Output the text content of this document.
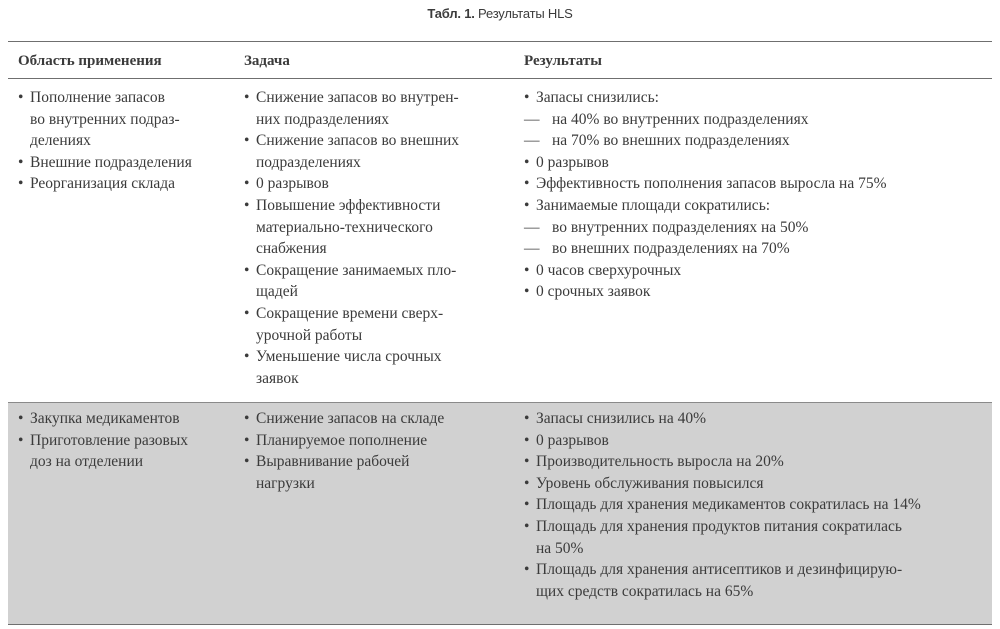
Табл. 1. Результаты HLS
Область применения	Задача	Результаты
• Пополнение запасов
во внутренних подраз-
делениях
• Внешние подразделения
• Реорганизация склада
• Снижение запасов во внутрен-
них подразделениях
• Снижение запасов во внешних
подразделениях
• 0 разрывов
• Повышение эффективности
материально-технического
снабжения
• Сокращение занимаемых пло-
щадей
• Сокращение времени сверх-
урочной работы
• Уменьшение числа срочных
заявок
• Запасы снизились:
— на 40% во внутренних подразделениях
— на 70% во внешних подразделениях
• 0 разрывов
• Эффективность пополнения запасов выросла на 75%
• Занимаемые площади сократились:
— во внутренних подразделениях на 50%
— во внешних подразделениях на 70%
• 0 часов сверхурочных
• 0 срочных заявок
• Закупка медикаментов
• Приготовление разовых
доз на отделении
• Снижение запасов на складе
• Планируемое пополнение
• Выравнивание рабочей
нагрузки
• Запасы снизились на 40%
• 0 разрывов
• Производительность выросла на 20%
• Уровень обслуживания повысился
• Площадь для хранения медикаментов сократилась на 14%
• Площадь для хранения продуктов питания сократилась
на 50%
• Площадь для хранения антисептиков и дезинфицирую-
щих средств сократилась на 65%
